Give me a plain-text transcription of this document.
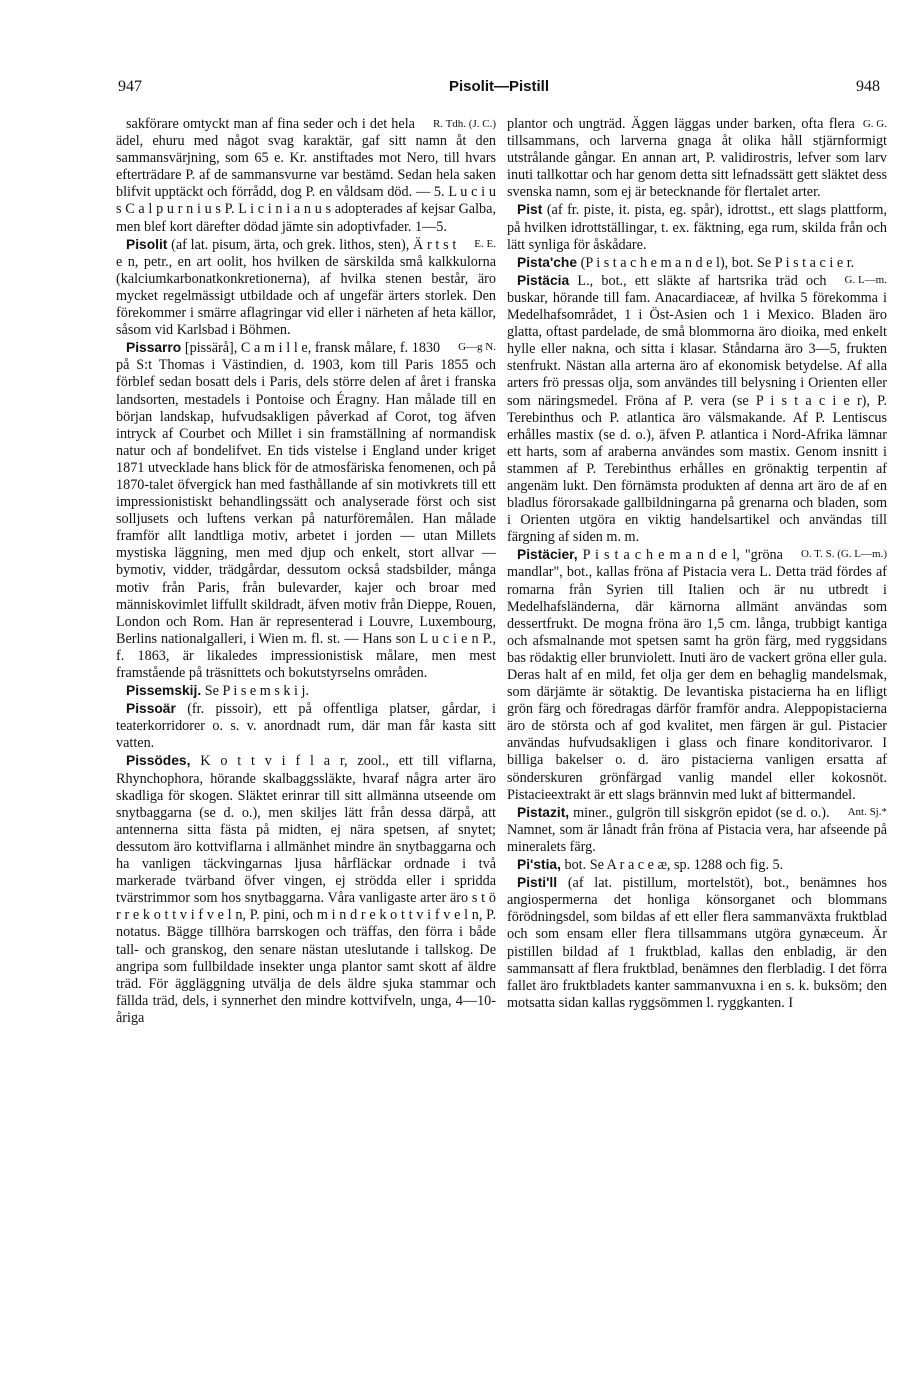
947	Pisolit—Pistill	948

R. Tdh. (J. C.)
sakförare omtyckt man af fina seder och i det hela ädel, ehuru med något svag karaktär, gaf sitt namn åt den sammansvärjning, som 65 e. Kr. anstiftades mot Nero, till hvars efterträdare P. af de sammansvurne var bestämd. Sedan hela saken blifvit upptäckt och förrådd, dog P. en våldsam död. — 5. L u c i u s C a l p u r n i u s P. L i c i n i a n u s adopterades af kejsar Galba, men blef kort därefter dödad jämte sin adoptivfader. 1—5.

E. E.
Pisolit (af lat. pisum, ärta, och grek. lithos, sten), Ä r t s t e n, petr., en art oolit, hos hvilken de särskilda små kalkkulorna (kalciumkarbonatkonkretionerna), af hvilka stenen består, äro mycket regelmässigt utbildade och af ungefär ärters storlek. Den förekommer i smärre aflagringar vid eller i närheten af heta källor, såsom vid Karlsbad i Böhmen.

G—g N.
Pissarro [pissärå], C a m i l l e, fransk målare, f. 1830 på S:t Thomas i Västindien, d. 1903, kom till Paris 1855 och förblef sedan bosatt dels i Paris, dels större delen af året i franska landsorten, mestadels i Pontoise och Éragny. Han målade till en början landskap, hufvudsakligen påverkad af Corot, tog äfven intryck af Courbet och Millet i sin framställning af normandisk natur och af bondelifvet. En tids vistelse i England under kriget 1871 utvecklade hans blick för de atmosfäriska fenomenen, och på 1870-talet öfvergick han med fasthållande af sin motivkrets till ett impressionistiskt behandlingssätt och analyserade först och sist solljusets och luftens verkan på naturföremålen. Han målade framför allt landtliga motiv, arbetet i jorden — utan Millets mystiska läggning, men med djup och enkelt, stort allvar — bymotiv, vidder, trädgårdar, dessutom också stadsbilder, många motiv från Paris, från bulevarder, kajer och broar med människovimlet liffullt skildradt, äfven motiv från Dieppe, Rouen, London och Rom. Han är representerad i Louvre, Luxembourg, Berlins nationalgalleri, i Wien m. fl. st. — Hans son L u c i e n P., f. 1863, är likaledes impressionistisk målare, men mest framstående på träsnittets och bokutstyrselns områden.

Pissemskij. Se P i s e m s k i j.

Pissoär (fr. pissoir), ett på offentliga platser, gårdar, i teaterkorridorer o. s. v. anordnadt rum, där man får kasta sitt vatten.

Pissödes, K o t t v i f l a r, zool., ett till viflarna, Rhynchophora, hörande skalbaggssläkte, hvaraf några arter äro skadliga för skogen. Släktet erinrar till sitt allmänna utseende om snytbaggarna (se d. o.), men skiljes lätt från dessa därpå, att antennerna sitta fästa på midten, ej nära spetsen, af snytet; dessutom äro kottviflarna i allmänhet mindre än snytbaggarna och ha vanligen täckvingarnas ljusa hårfläckar ordnade i två markerade tvärband öfver vingen, ej strödda eller i spridda tvärstrimmor som hos snytbaggarna. Våra vanligaste arter äro s t ö r r e k o t t v i f v e l n, P. pini, och m i n d r e k o t t v i f v e l n, P. notatus. Bägge tillhöra barrskogen och träffas, den förra i både tall- och granskog, den senare nästan uteslutande i tallskog. De angripa som fullbildade insekter unga plantor samt skott af äldre träd. För äggläggning utvälja de dels äldre sjuka stammar och fällda träd, dels, i synnerhet den mindre kottvifveln, unga, 4—10-åriga

G. G.
plantor och ungträd. Äggen läggas under barken, ofta flera tillsammans, och larverna gnaga åt olika håll stjärnformigt utstrålande gångar. En annan art, P. validirostris, lefver som larv inuti tallkottar och har genom detta sitt lefnadssätt gett släktet dess svenska namn, som ej är betecknande för flertalet arter.

Pist (af fr. piste, it. pista, eg. spår), idrottst., ett slags plattform, på hvilken idrottställingar, t. ex. fäktning, ega rum, skilda från och lätt synliga för åskådare.

Pista'che (P i s t a c h e m a n d e l), bot. Se P i s t a c i e r.

G. L—m.
Pistäcia L., bot., ett släkte af hartsrika träd och buskar, hörande till fam. Anacardiaceæ, af hvilka 5 förekomma i Medelhafsområdet, 1 i Öst-Asien och 1 i Mexico. Bladen äro glatta, oftast pardelade, de små blommorna äro dioika, med enkelt hylle eller nakna, och sitta i klasar. Ståndarna äro 3—5, frukten stenfrukt. Nästan alla arterna äro af ekonomisk betydelse. Af alla arters frö pressas olja, som användes till belysning i Orienten eller som näringsmedel. Fröna af P. vera (se P i s t a c i e r), P. Terebinthus och P. atlantica äro välsmakande. Af P. Lentiscus erhålles mastix (se d. o.), äfven P. atlantica i Nord-Afrika lämnar ett harts, som af araberna användes som mastix. Genom insnitt i stammen af P. Terebinthus erhålles en grönaktig terpentin af angenäm lukt. Den förnämsta produkten af denna art äro de af en bladlus förorsakade gallbildningarna på grenarna och bladen, som i Orienten utgöra en viktig handelsartikel och användas till färgning af siden m. m.

O. T. S. (G. L—m.)
Pistäcier, P i s t a c h e m a n d e l, "gröna mandlar", bot., kallas fröna af Pistacia vera L. Detta träd fördes af romarna från Syrien till Italien och är nu utbredt i Medelhafsländerna, där kärnorna allmänt användas som dessertfrukt. De mogna fröna äro 1,5 cm. långa, trubbigt kantiga och afsmalnande mot spetsen samt ha grön färg, med ryggsidans bas rödaktig eller brunviolett. Inuti äro de vackert gröna eller gula. Deras halt af en mild, fet olja ger dem en behaglig mandelsmak, som därjämte är sötaktig. De levantiska pistacierna ha en lifligt grön färg och föredragas därför framför andra. Aleppopistacierna äro de största och af god kvalitet, men färgen är gul. Pistacier användas hufvudsakligen i glass och finare konditorivaror. I billiga bakelser o. d. äro pistacierna vanligen ersatta af sönderskuren grönfärgad vanlig mandel eller kokosnöt. Pistacieextrakt är ett slags brännvin med lukt af bittermandel.

Ant. Sj.*
Pistazit, miner., gulgrön till siskgrön epidot (se d. o.). Namnet, som är lånadt från fröna af Pistacia vera, har afseende på mineralets färg.

Pi'stia, bot. Se A r a c e æ, sp. 1288 och fig. 5.

Pisti'll (af lat. pistillum, mortelstöt), bot., benämnes hos angiospermerna det honliga könsorganet och blommans förödningsdel, som bildas af ett eller flera sammanväxta fruktblad och som ensam eller flera tillsammans utgöra gynæceum. Är pistillen bildad af 1 fruktblad, kallas den enbladig, är den sammansatt af flera fruktblad, benämnes den flerbladig. I det förra fallet äro fruktbladets kanter sammanvuxna i en s. k. buksöm; den motsatta sidan kallas ryggsömmen l. ryggkanten. I
